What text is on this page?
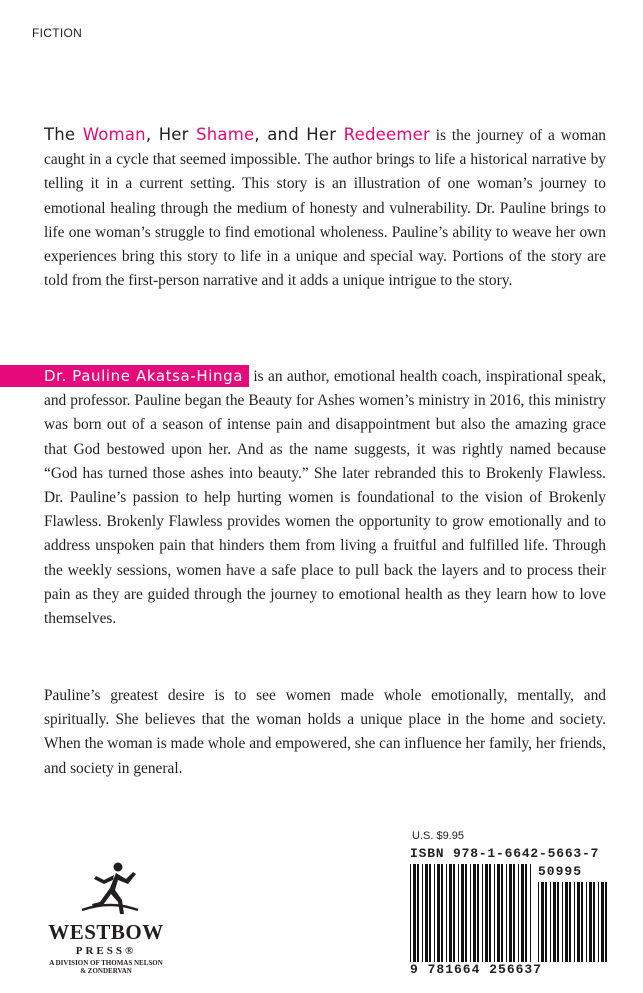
FICTION

The Woman, Her Shame, and Her Redeemer is the journey of a woman caught in a cycle that seemed impossible. The author brings to life a historical narrative by telling it in a current setting. This story is an illustration of one woman’s journey to emotional healing through the medium of honesty and vulnerability. Dr. Pauline brings to life one woman’s struggle to find emotional wholeness. Pauline’s ability to weave her own experiences bring this story to life in a unique and special way. Portions of the story are told from the first-person narrative and it adds a unique intrigue to the story.

Dr. Pauline Akatsa-Hinga is an author, emotional health coach, inspirational speak, and professor. Pauline began the Beauty for Ashes women’s ministry in 2016, this ministry was born out of a season of intense pain and disappointment but also the amazing grace that God bestowed upon her. And as the name suggests, it was rightly named because “God has turned those ashes into beauty.” She later rebranded this to Brokenly Flawless. Dr. Pauline’s passion to help hurting women is foundational to the vision of Brokenly Flawless. Brokenly Flawless provides women the opportunity to grow emotionally and to address unspoken pain that hinders them from living a fruitful and fulfilled life. Through the weekly sessions, women have a safe place to pull back the layers and to process their pain as they are guided through the journey to emotional health as they learn how to love themselves.

Pauline’s greatest desire is to see women made whole emotionally, mentally, and spiritually. She believes that the woman holds a unique place in the home and society. When the woman is made whole and empowered, she can influence her family, her friends, and society in general.

WESTBOW
PRESS®
A DIVISION OF THOMAS NELSON
& ZONDERVAN
U.S. $9.95
ISBN 978-1-6642-5663-7
50995
9 781664 256637
